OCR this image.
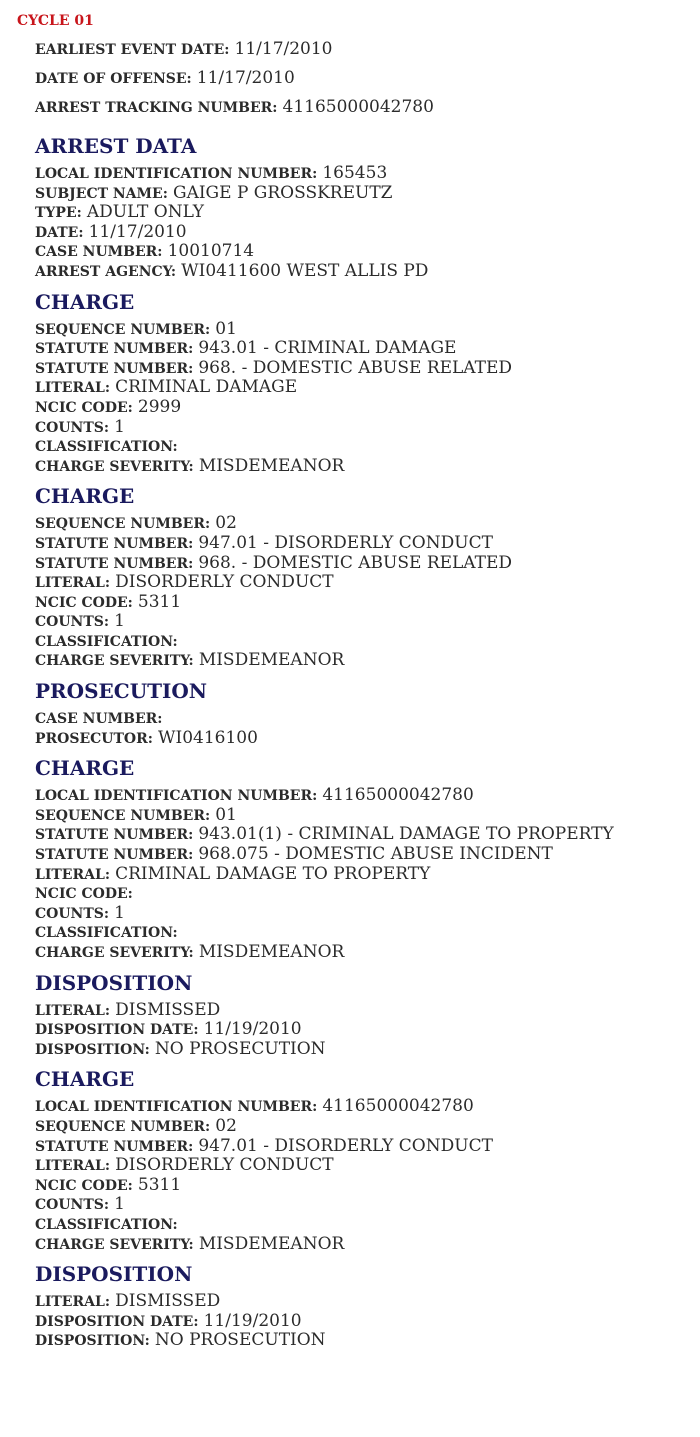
CYCLE 01
EARLIEST EVENT DATE: 11/17/2010
DATE OF OFFENSE: 11/17/2010
ARREST TRACKING NUMBER: 41165000042780
ARREST DATA
LOCAL IDENTIFICATION NUMBER: 165453
SUBJECT NAME: GAIGE P GROSSKREUTZ
TYPE: ADULT ONLY
DATE: 11/17/2010
CASE NUMBER: 10010714
ARREST AGENCY: WI0411600 WEST ALLIS PD
CHARGE
SEQUENCE NUMBER: 01
STATUTE NUMBER: 943.01 - CRIMINAL DAMAGE
STATUTE NUMBER: 968. - DOMESTIC ABUSE RELATED
LITERAL: CRIMINAL DAMAGE
NCIC CODE: 2999
COUNTS: 1
CLASSIFICATION:
CHARGE SEVERITY: MISDEMEANOR
CHARGE
SEQUENCE NUMBER: 02
STATUTE NUMBER: 947.01 - DISORDERLY CONDUCT
STATUTE NUMBER: 968. - DOMESTIC ABUSE RELATED
LITERAL: DISORDERLY CONDUCT
NCIC CODE: 5311
COUNTS: 1
CLASSIFICATION:
CHARGE SEVERITY: MISDEMEANOR
PROSECUTION
CASE NUMBER:
PROSECUTOR: WI0416100
CHARGE
LOCAL IDENTIFICATION NUMBER: 41165000042780
SEQUENCE NUMBER: 01
STATUTE NUMBER: 943.01(1) - CRIMINAL DAMAGE TO PROPERTY
STATUTE NUMBER: 968.075 - DOMESTIC ABUSE INCIDENT
LITERAL: CRIMINAL DAMAGE TO PROPERTY
NCIC CODE:
COUNTS: 1
CLASSIFICATION:
CHARGE SEVERITY: MISDEMEANOR
DISPOSITION
LITERAL: DISMISSED
DISPOSITION DATE: 11/19/2010
DISPOSITION: NO PROSECUTION
CHARGE
LOCAL IDENTIFICATION NUMBER: 41165000042780
SEQUENCE NUMBER: 02
STATUTE NUMBER: 947.01 - DISORDERLY CONDUCT
LITERAL: DISORDERLY CONDUCT
NCIC CODE: 5311
COUNTS: 1
CLASSIFICATION:
CHARGE SEVERITY: MISDEMEANOR
DISPOSITION
LITERAL: DISMISSED
DISPOSITION DATE: 11/19/2010
DISPOSITION: NO PROSECUTION
